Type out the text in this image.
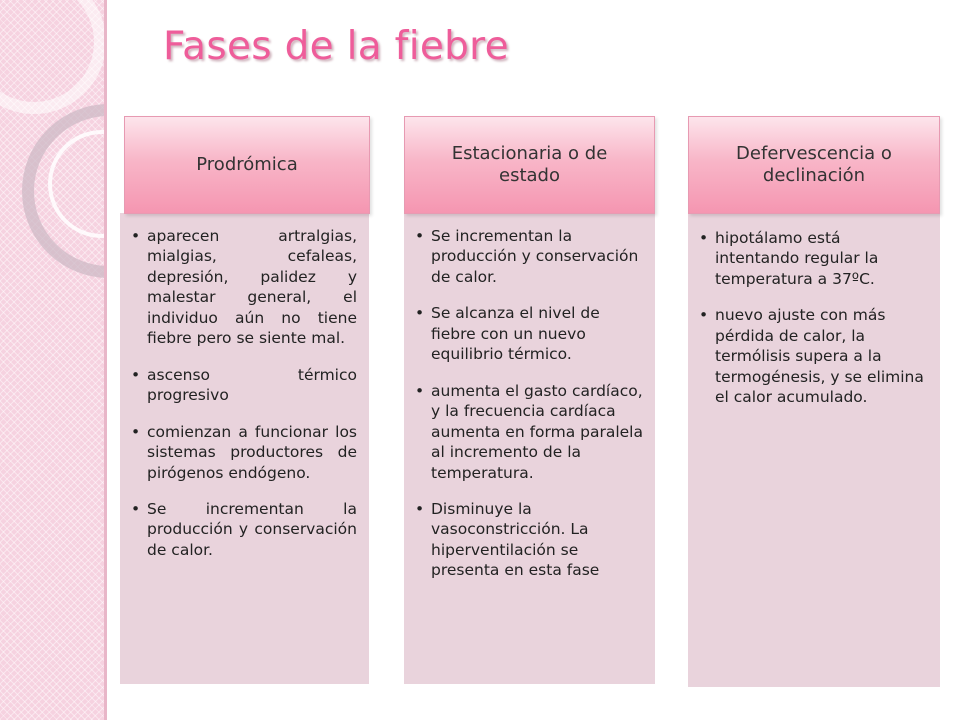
Fases de la fiebre
Prodrómica
• aparecen artralgias, mialgias, cefaleas, depresión, palidez y malestar general, el individuo aún no tiene fiebre pero se siente mal.
• ascenso térmico progresivo
• comienzan a funcionar los sistemas productores de pirógenos endógeno.
• Se incrementan la producción y conservación de calor.
Estacionaria o de estado
• Se incrementan la producción y conservación de calor.
• Se alcanza el nivel de fiebre con un nuevo equilibrio térmico.
• aumenta el gasto cardíaco, y la frecuencia cardíaca aumenta en forma paralela al incremento de la temperatura.
• Disminuye la vasoconstricción. La hiperventilación se presenta en esta fase
Defervescencia o declinación
• hipotálamo está intentando regular la temperatura a 37ºC.
• nuevo ajuste con más pérdida de calor, la termólisis supera a la termogénesis, y se elimina el calor acumulado.
